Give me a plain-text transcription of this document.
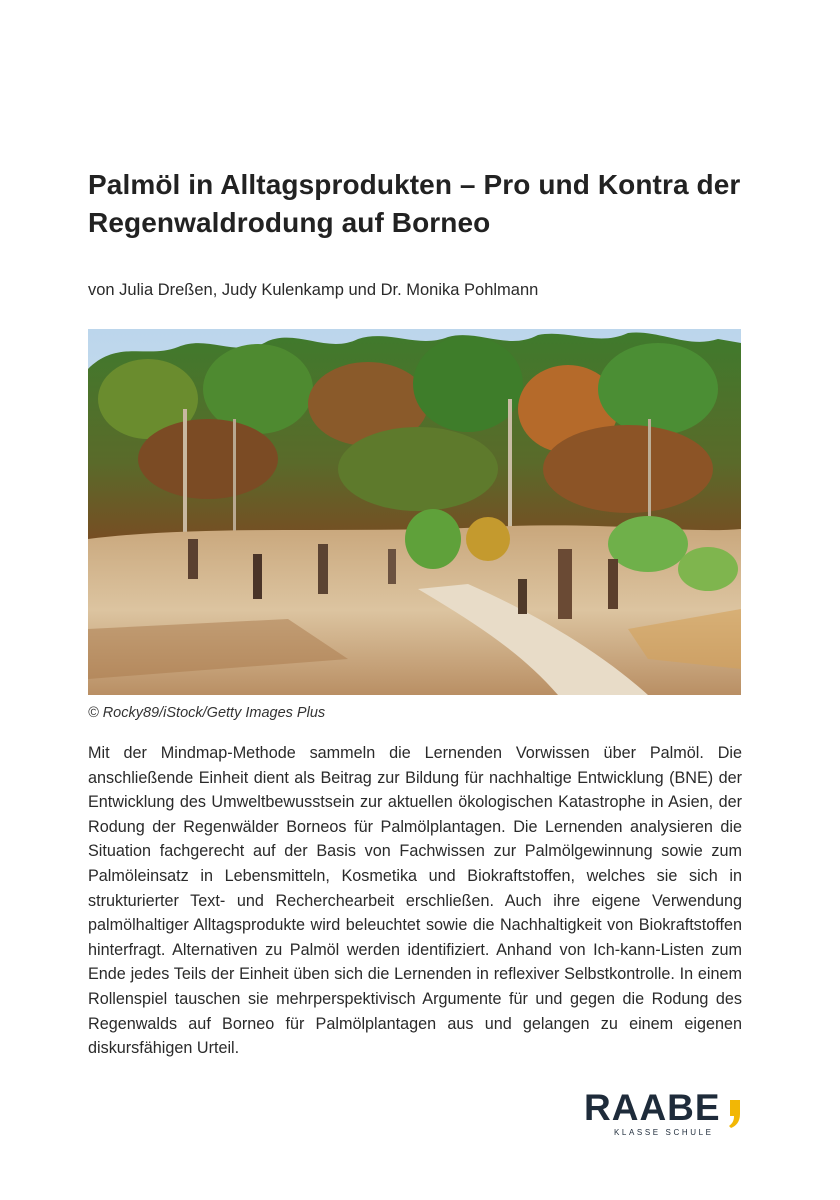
Palmöl in Alltagsprodukten – Pro und Kontra der Regenwaldrodung auf Borneo
von Julia Dreßen, Judy Kulenkamp und Dr. Monika Pohlmann
© Rocky89/iStock/Getty Images Plus

Mit der Mindmap-Methode sammeln die Lernenden Vorwissen über Palmöl. Die anschließende Einheit dient als Beitrag zur Bildung für nachhaltige Entwicklung (BNE) der Entwicklung des Umweltbewusstsein zur aktuellen ökologischen Katastrophe in Asien, der Rodung der Regenwälder Borneos für Palmölplantagen. Die Lernenden analysieren die Situation fachgerecht auf der Basis von Fachwissen zur Palmölgewinnung sowie zum Palmöleinsatz in Lebensmitteln, Kosmetika und Biokraftstoffen, welches sie sich in strukturierter Text- und Recherchearbeit erschließen. Auch ihre eigene Verwendung palmölhaltiger Alltagsprodukte wird beleuchtet sowie die Nachhaltigkeit von Biokraftstoffen hinterfragt. Alternativen zu Palmöl werden identifiziert. Anhand von Ich-kann-Listen zum Ende jedes Teils der Einheit üben sich die Lernenden in reflexiver Selbstkontrolle. In einem Rollenspiel tauschen sie mehrperspektivisch Argumente für und gegen die Rodung des Regenwalds auf Borneo für Palmölplantagen aus und gelangen zu einem eigenen diskursfähigen Urteil.

RAABE
KLASSE SCHULE
